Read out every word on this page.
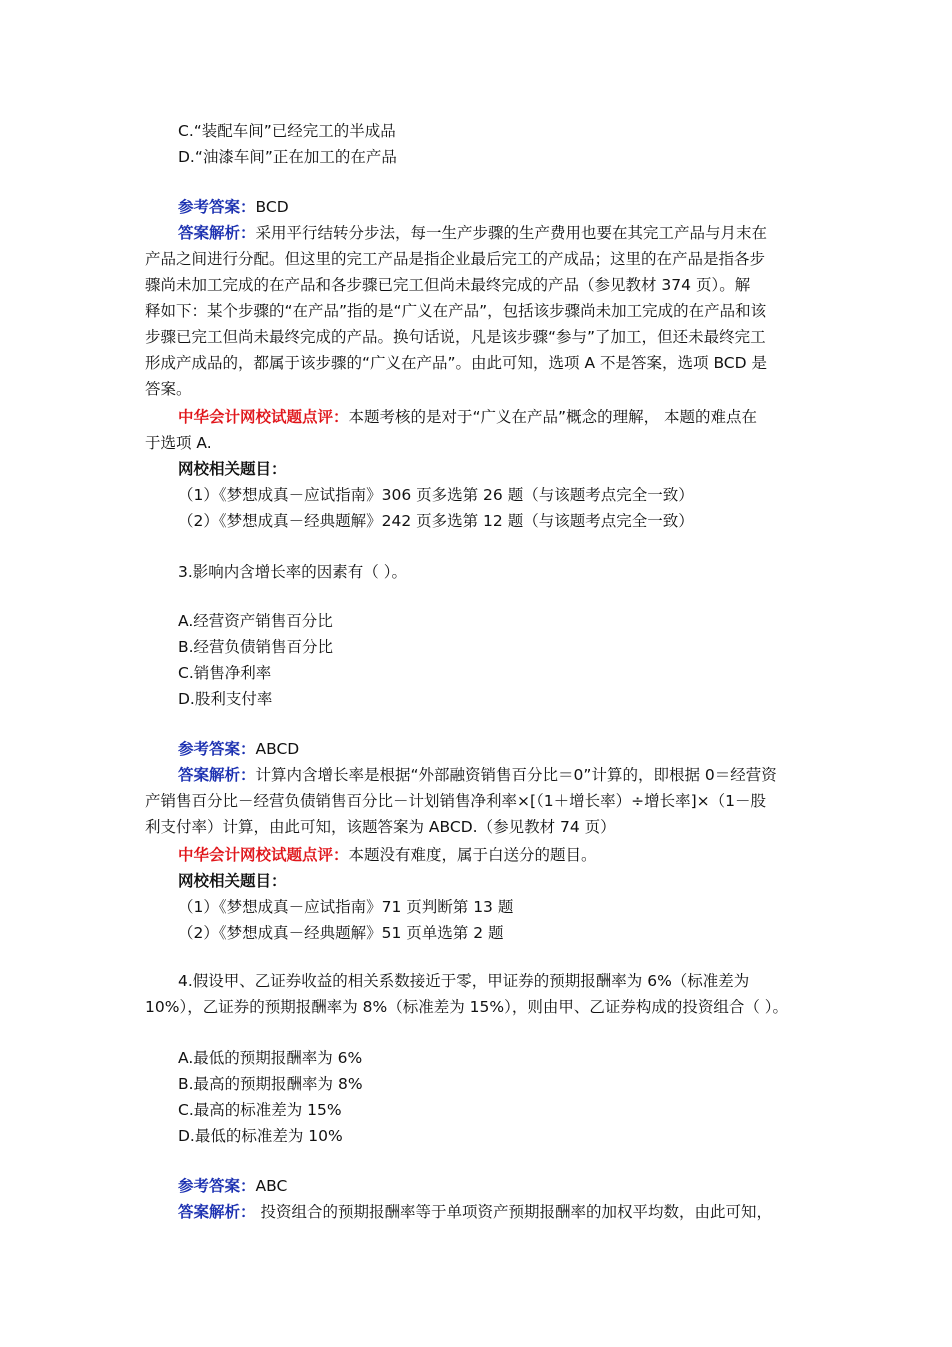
C.“装配车间”已经完工的半成品
D.“油漆车间”正在加工的在产品
参考答案：BCD
答案解析：采用平行结转分步法，每一生产步骤的生产费用也要在其完工产品与月末在
产品之间进行分配。但这里的完工产品是指企业最后完工的产成品；这里的在产品是指各步
骤尚未加工完成的在产品和各步骤已完工但尚未最终完成的产品（参见教材 374 页）。解
释如下：某个步骤的“在产品”指的是“广义在产品”，包括该步骤尚未加工完成的在产品和该
步骤已完工但尚未最终完成的产品。换句话说，凡是该步骤“参与”了加工，但还未最终完工
形成产成品的，都属于该步骤的“广义在产品”。由此可知，选项 A 不是答案，选项 BCD 是
答案。
中华会计网校试题点评：本题考核的是对于“广义在产品”概念的理解， 本题的难点在
于选项 A.
网校相关题目：
（1）《梦想成真－应试指南》306 页多选第 26 题（与该题考点完全一致）
（2）《梦想成真－经典题解》242 页多选第 12 题（与该题考点完全一致）
3.影响内含增长率的因素有（ ）。
A.经营资产销售百分比
B.经营负债销售百分比
C.销售净利率
D.股利支付率
参考答案：ABCD
答案解析：计算内含增长率是根据“外部融资销售百分比＝0”计算的，即根据 0＝经营资
产销售百分比－经营负债销售百分比－计划销售净利率×[（1＋增长率）÷增长率]×（1－股
利支付率）计算，由此可知，该题答案为 ABCD.（参见教材 74 页）
中华会计网校试题点评：本题没有难度，属于白送分的题目。
网校相关题目：
（1）《梦想成真－应试指南》71 页判断第 13 题
（2）《梦想成真－经典题解》51 页单选第 2 题
4.假设甲、乙证券收益的相关系数接近于零，甲证券的预期报酬率为 6%（标准差为
10%），乙证券的预期报酬率为 8%（标准差为 15%），则由甲、乙证券构成的投资组合（ ）。
A.最低的预期报酬率为 6%
B.最高的预期报酬率为 8%
C.最高的标准差为 15%
D.最低的标准差为 10%
参考答案：ABC
答案解析： 投资组合的预期报酬率等于单项资产预期报酬率的加权平均数，由此可知，
